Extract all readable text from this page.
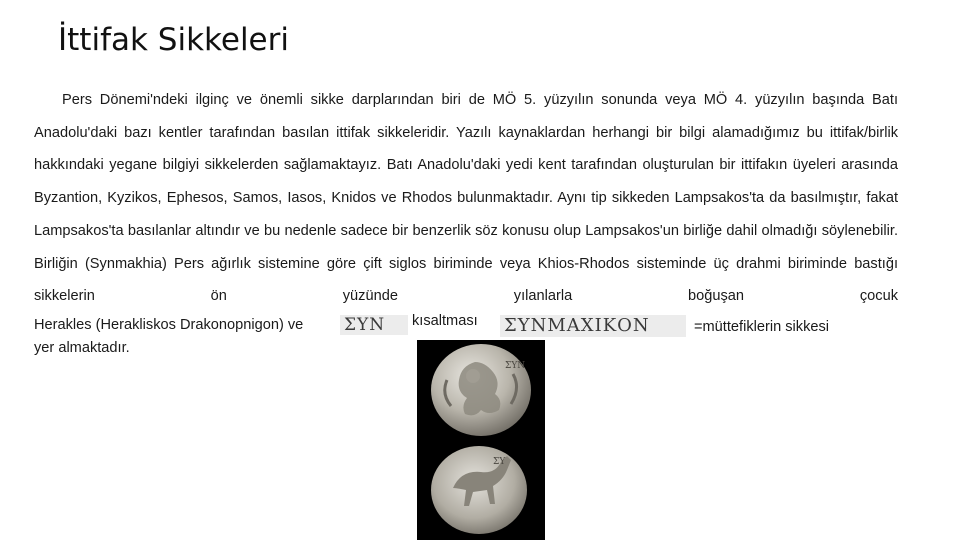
İttifak Sikkeleri

Pers Dönemi'ndeki ilginç ve önemli sikke darplarından biri de MÖ 5. yüzyılın sonunda veya MÖ 4. yüzyılın başında Batı Anadolu'daki bazı kentler tarafından basılan ittifak sikkeleridir. Yazılı kaynaklardan herhangi bir bilgi alamadığımız bu ittifak/birlik hakkındaki yegane bilgiyi sikkelerden sağlamaktayız. Batı Anadolu'daki yedi kent tarafından oluşturulan bir ittifakın üyeleri arasında Byzantion, Kyzikos, Ephesos, Samos, Iasos, Knidos ve Rhodos bulunmaktadır. Aynı tip sikkeden Lampsakos'ta da basılmıştır, fakat Lampsakos'ta basılanlar altındır ve bu nedenle sadece bir benzerlik söz konusu olup Lampsakos'un birliğe dahil olmadığı söylenebilir. Birliğin (Synmakhia) Pers ağırlık sistemine göre çift siglos biriminde veya Khios-Rhodos sisteminde üç drahmi biriminde bastığı sikkelerin ön yüzünde yılanlarla boğuşan çocuk

Herakles (Herakliskos Drakonopnigon) ve ΣΥΝ	kısaltması ΣΥΝΜΑΧΙΚΟΝ	=müttefiklerin sikkesi
yer almaktadır.
ΣΥΝ
ΣΥ
